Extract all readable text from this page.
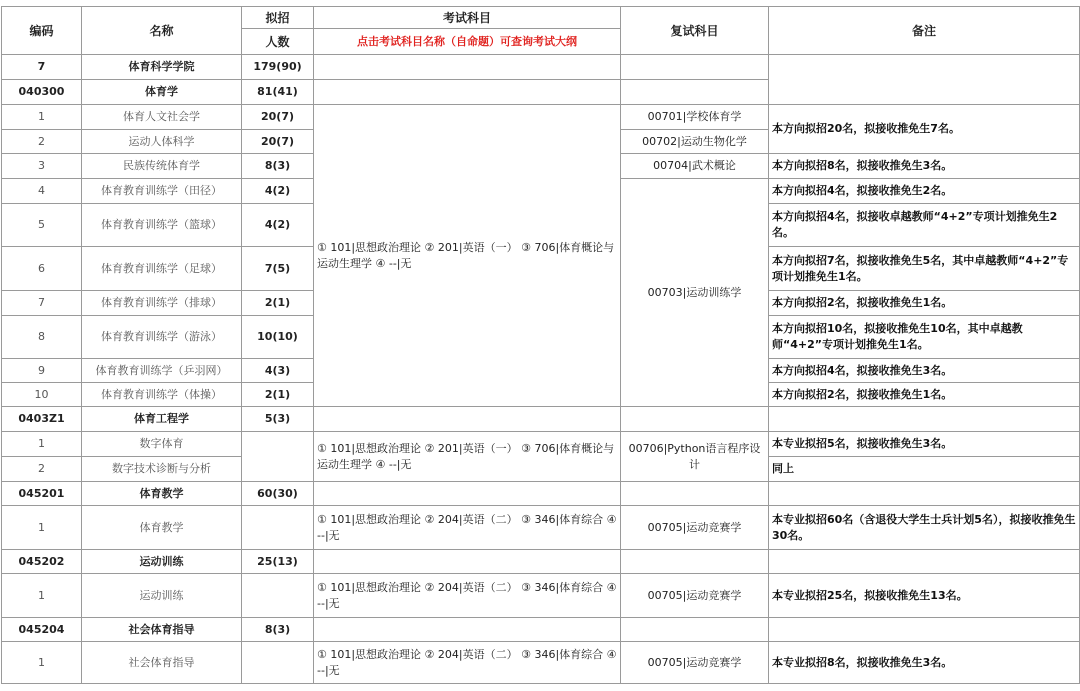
编码	名称	拟招	考试科目	复试科目	备注
		人数	点击考试科目名称（自命题）可查询考试大纲		
7	体育科学学院	179(90)			
040300	体育学	81(41)			
1	体育人文社会学	20(7)	① 101|思想政治理论 ② 201|英语（一） ③ 706|体育概论与运动生理学 ④ --|无	00701|学校体育学	本方向拟招20名，拟接收推免生7名。
2	运动人体科学	20(7)		00702|运动生物化学	
3	民族传统体育学	8(3)		00704|武术概论	本方向拟招8名，拟接收推免生3名。
4	体育教育训练学（田径）	4(2)		00703|运动训练学	本方向拟招4名，拟接收推免生2名。
5	体育教育训练学（篮球）	4(2)			本方向拟招4名，拟接收卓越教师“4+2”专项计划推免生2名。
6	体育教育训练学（足球）	7(5)			本方向拟招7名，拟接收推免生5名，其中卓越教师“4+2”专项计划推免生1名。
7	体育教育训练学（排球）	2(1)			本方向拟招2名，拟接收推免生1名。
8	体育教育训练学（游泳）	10(10)			本方向拟招10名，拟接收推免生10名，其中卓越教师“4+2”专项计划推免生1名。
9	体育教育训练学（乒羽网）	4(3)			本方向拟招4名，拟接收推免生3名。
10	体育教育训练学（体操）	2(1)			本方向拟招2名，拟接收推免生1名。
0403Z1	体育工程学	5(3)			
1	数字体育		① 101|思想政治理论 ② 201|英语（一） ③ 706|体育概论与运动生理学 ④ --|无	00706|Python语言程序设计	本专业拟招5名，拟接收推免生3名。
2	数字技术诊断与分析				同上
045201	体育教学	60(30)			
1	体育教学		① 101|思想政治理论 ② 204|英语（二） ③ 346|体育综合 ④ --|无	00705|运动竞赛学	本专业拟招60名（含退役大学生士兵计划5名），拟接收推免生30名。
045202	运动训练	25(13)			
1	运动训练		① 101|思想政治理论 ② 204|英语（二） ③ 346|体育综合 ④ --|无	00705|运动竞赛学	本专业拟招25名，拟接收推免生13名。
045204	社会体育指导	8(3)			
1	社会体育指导		① 101|思想政治理论 ② 204|英语（二） ③ 346|体育综合 ④ --|无	00705|运动竞赛学	本专业拟招8名，拟接收推免生3名。
